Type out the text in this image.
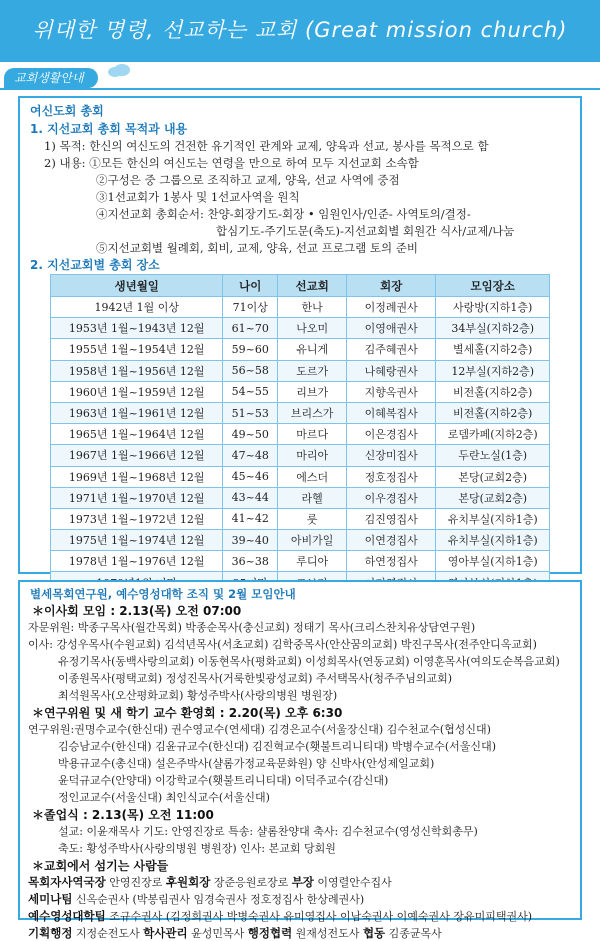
위대한 명령, 선교하는 교회 (Great mission church)
교회생활안내
여신도회 총회
1. 지선교회 총회 목적과 내용
1) 목적: 한신의 여신도의 건전한 유기적인 관계와 교제, 양육과 선교, 봉사를 목적으로 함
2) 내용: ①모든 한신의 여신도는 연령을 만으로 하여 모두 지선교회 소속함
②구성은 중 그룹으로 조직하고 교제, 양육, 선교 사역에 중점
③1선교회가 1봉사 및 1선교사역을 원칙
④지선교회 총회순서: 찬양-회장기도-회장 • 임원인사/인준- 사역토의/결정-
합심기도-주기도문(축도)-지선교회별 회원간 식사/교제/나눔
⑤지선교회별 월례회, 회비, 교제, 양육, 선교 프로그램 토의 준비
2. 지선교회별 총회 장소
생년월일	나이	선교회	회장	모임장소
1942년 1월 이상	71이상	한나	이정례권사	사랑방(지하1층)
1953년 1월~1943년 12월	61~70	나오미	이영애권사	34부실(지하2층)
1955년 1월~1954년 12월	59~60	유니게	김주혜권사	별세홀(지하2층)
1958년 1월~1956년 12월	56~58	도르가	나혜랑권사	12부실(지하2층)
1960년 1월~1959년 12월	54~55	리브가	지향옥권사	비전홀(지하2층)
1963년 1월~1961년 12월	51~53	브리스가	이혜복집사	비전홀(지하2층)
1965년 1월~1964년 12월	49~50	마르다	이은경집사	로뎀카페(지하2층)
1967년 1월~1966년 12월	47~48	마리아	신장미집사	두란노실(1층)
1969년 1월~1968년 12월	45~46	에스더	정호정집사	본당(교회2층)
1971년 1월~1970년 12월	43~44	라헬	이우경집사	본당(교회2층)
1973년 1월~1972년 12월	41~42	룻	김진영집사	유치부실(지하1층)
1975년 1월~1974년 12월	39~40	아비가일	이연경집사	유치부실(지하1층)
1978년 1월~1976년 12월	36~38	루디아	하연정집사	영아부실(지하1층)

별세목회연구원, 예수영성대학 조직 및 2월 모임안내
＊이사회 모임 : 2.13(목) 오전 07:00
자문위원: 박종구목사(월간목회) 박종순목사(충신교회) 정태기 목사(크리스찬치유상담연구원)
이사: 강성우목사(수원교회) 김석년목사(서초교회) 김학중목사(안산꿈의교회) 박진구목사(전주안디옥교회)
유정기목사(동백사랑의교회) 이동현목사(평화교회) 이성희목사(연동교회) 이영훈목사(여의도순복음교회)
이종원목사(평택교회) 정성진목사(거룩한빛광성교회) 주서택목사(청주주님의교회)
최석원목사(오산평화교회) 황성주박사(사랑의병원 병원장)
＊연구위원 및 새 학기 교수 환영회 : 2.20(목) 오후 6:30
연구위원:권명수교수(한신대) 권수영교수(연세대) 김경은교수(서울장신대) 김수천교수(협성신대)
김승남교수(한신대) 김윤규교수(한신대) 김진혁교수(횃불트리니티대) 박병수교수(서울신대)
박용규교수(총신대) 설은주박사(샬롬가정교육문화원) 양 신박사(안성제일교회)
윤덕규교수(안양대) 이강학교수(횃불트리니티대) 이덕주교수(감신대)
정인교교수(서울신대) 최인식교수(서울신대)
＊졸업식 : 2.13(목) 오전 11:00
설교: 이윤재목사 기도: 안영진장로 특송: 샬롬찬양대 축사: 김수천교수(영성신학회총무)
축도: 황성주박사(사랑의병원 병원장) 인사: 본교회 당회원
＊교회에서 섬기는 사람들
목회자사역국장 안영진장로 후원회장 장준응원로장로 부장 이영렬안수집사
세미나팀 신옥순권사 (박봉림권사 임경숙권사 정호정집사 한상례권사)
예수영성대학팀 조규수권사 (김정희권사 박병숙권사 유미영집사 이남숙권사 이예숙권사 장유미피택권사)
기획행정 지정순전도사 학사관리 윤성민목사 행정협력 원재성전도사 협동 김종균목사
